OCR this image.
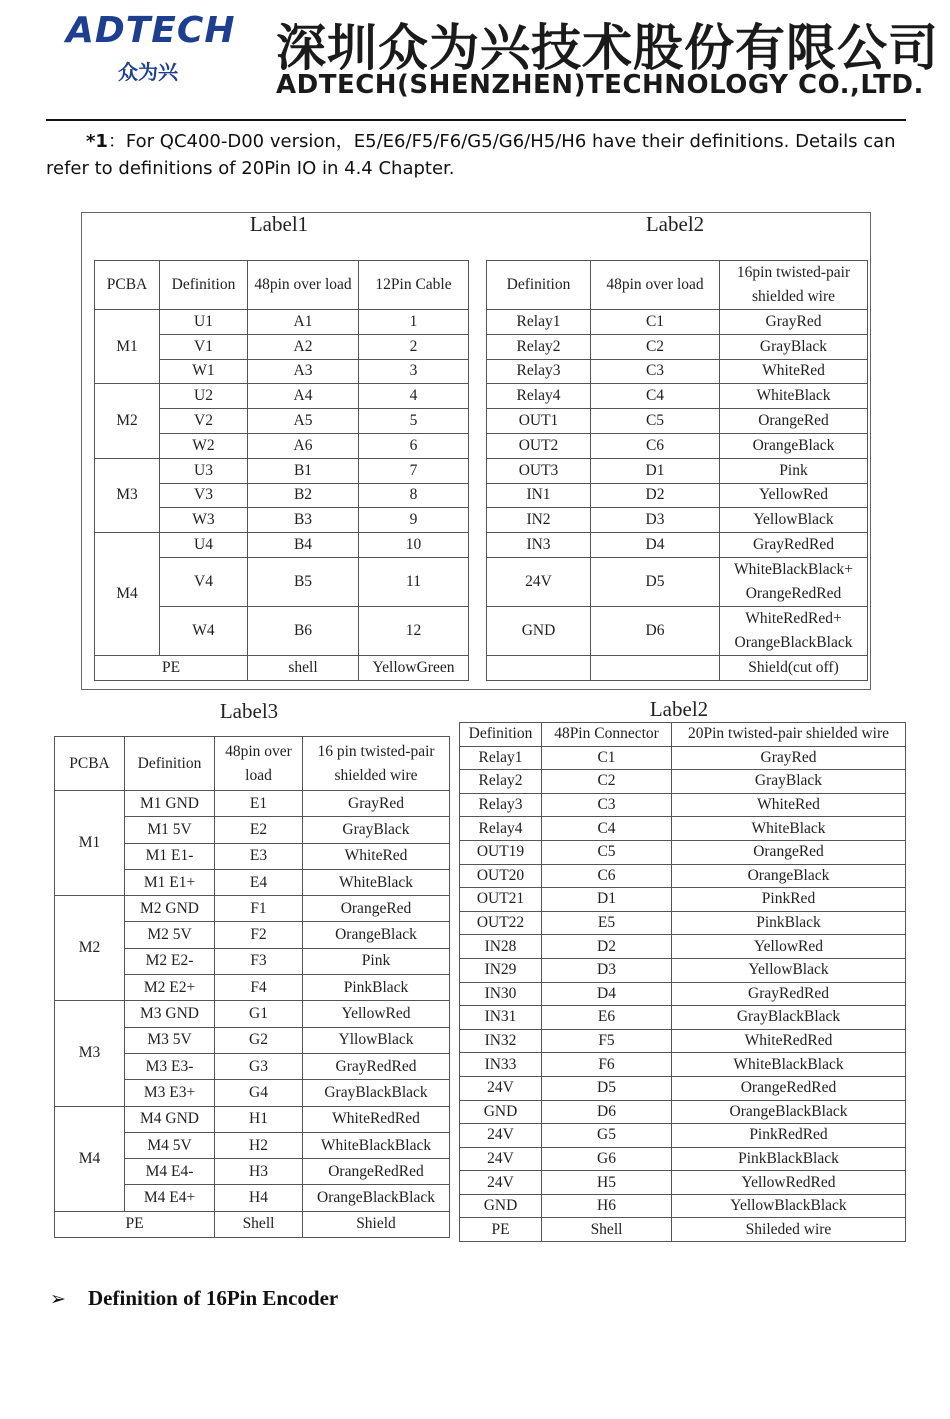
ADTECH
众为兴 深圳众为兴技术股份有限公司
ADTECH(SHENZHEN)TECHNOLOGY CO.,LTD.
*1：For QC400-D00 version，E5/E6/F5/F6/G5/G6/H5/H6 have their definitions. Details can refer to definitions of 20Pin IO in 4.4 Chapter.
Label1	Label2
PCBA	Definition	48pin over load	12Pin Cable
M1	U1	A1	1
	V1	A2	2
	W1	A3	3
M2	U2	A4	4
	V2	A5	5
	W2	A6	6
M3	U3	B1	7
	V3	B2	8
	W3	B3	9
M4	U4	B4	10
	V4	B5	11
	W4	B6	12
PE		shell	YellowGreen
Definition	48pin over load	16pin twisted-pair shielded wire
Relay1	C1	GrayRed
Relay2	C2	GrayBlack
Relay3	C3	WhiteRed
Relay4	C4	WhiteBlack
OUT1	C5	OrangeRed
OUT2	C6	OrangeBlack
OUT3	D1	Pink
IN1	D2	YellowRed
IN2	D3	YellowBlack
IN3	D4	GrayRedRed
24V	D5	WhiteBlackBlack+ OrangeRedRed
GND	D6	WhiteRedRed+ OrangeBlackBlack
		Shield(cut off)
Label3
PCBA	Definition	48pin over load	16 pin twisted-pair shielded wire
M1	M1 GND	E1	GrayRed
	M1 5V	E2	GrayBlack
	M1 E1-	E3	WhiteRed
	M1 E1+	E4	WhiteBlack
M2	M2 GND	F1	OrangeRed
	M2 5V	F2	OrangeBlack
	M2 E2-	F3	Pink
	M2 E2+	F4	PinkBlack
M3	M3 GND	G1	YellowRed
	M3 5V	G2	YllowBlack
	M3 E3-	G3	GrayRedRed
	M3 E3+	G4	GrayBlackBlack
M4	M4 GND	H1	WhiteRedRed
	M4 5V	H2	WhiteBlackBlack
	M4 E4-	H3	OrangeRedRed
	M4 E4+	H4	OrangeBlackBlack
PE		Shell	Shield
Label2
Definition	48Pin Connector	20Pin twisted-pair shielded wire
Relay1	C1	GrayRed
Relay2	C2	GrayBlack
Relay3	C3	WhiteRed
Relay4	C4	WhiteBlack
OUT19	C5	OrangeRed
OUT20	C6	OrangeBlack
OUT21	D1	PinkRed
OUT22	E5	PinkBlack
IN28	D2	YellowRed
IN29	D3	YellowBlack
IN30	D4	GrayRedRed
IN31	E6	GrayBlackBlack
IN32	F5	WhiteRedRed
IN33	F6	WhiteBlackBlack
24V	D5	OrangeRedRed
GND	D6	OrangeBlackBlack
24V	G5	PinkRedRed
24V	G6	PinkBlackBlack
24V	H5	YellowRedRed
GND	H6	YellowBlackBlack
PE	Shell	Shileded wire
➢ Definition of 16Pin Encoder
